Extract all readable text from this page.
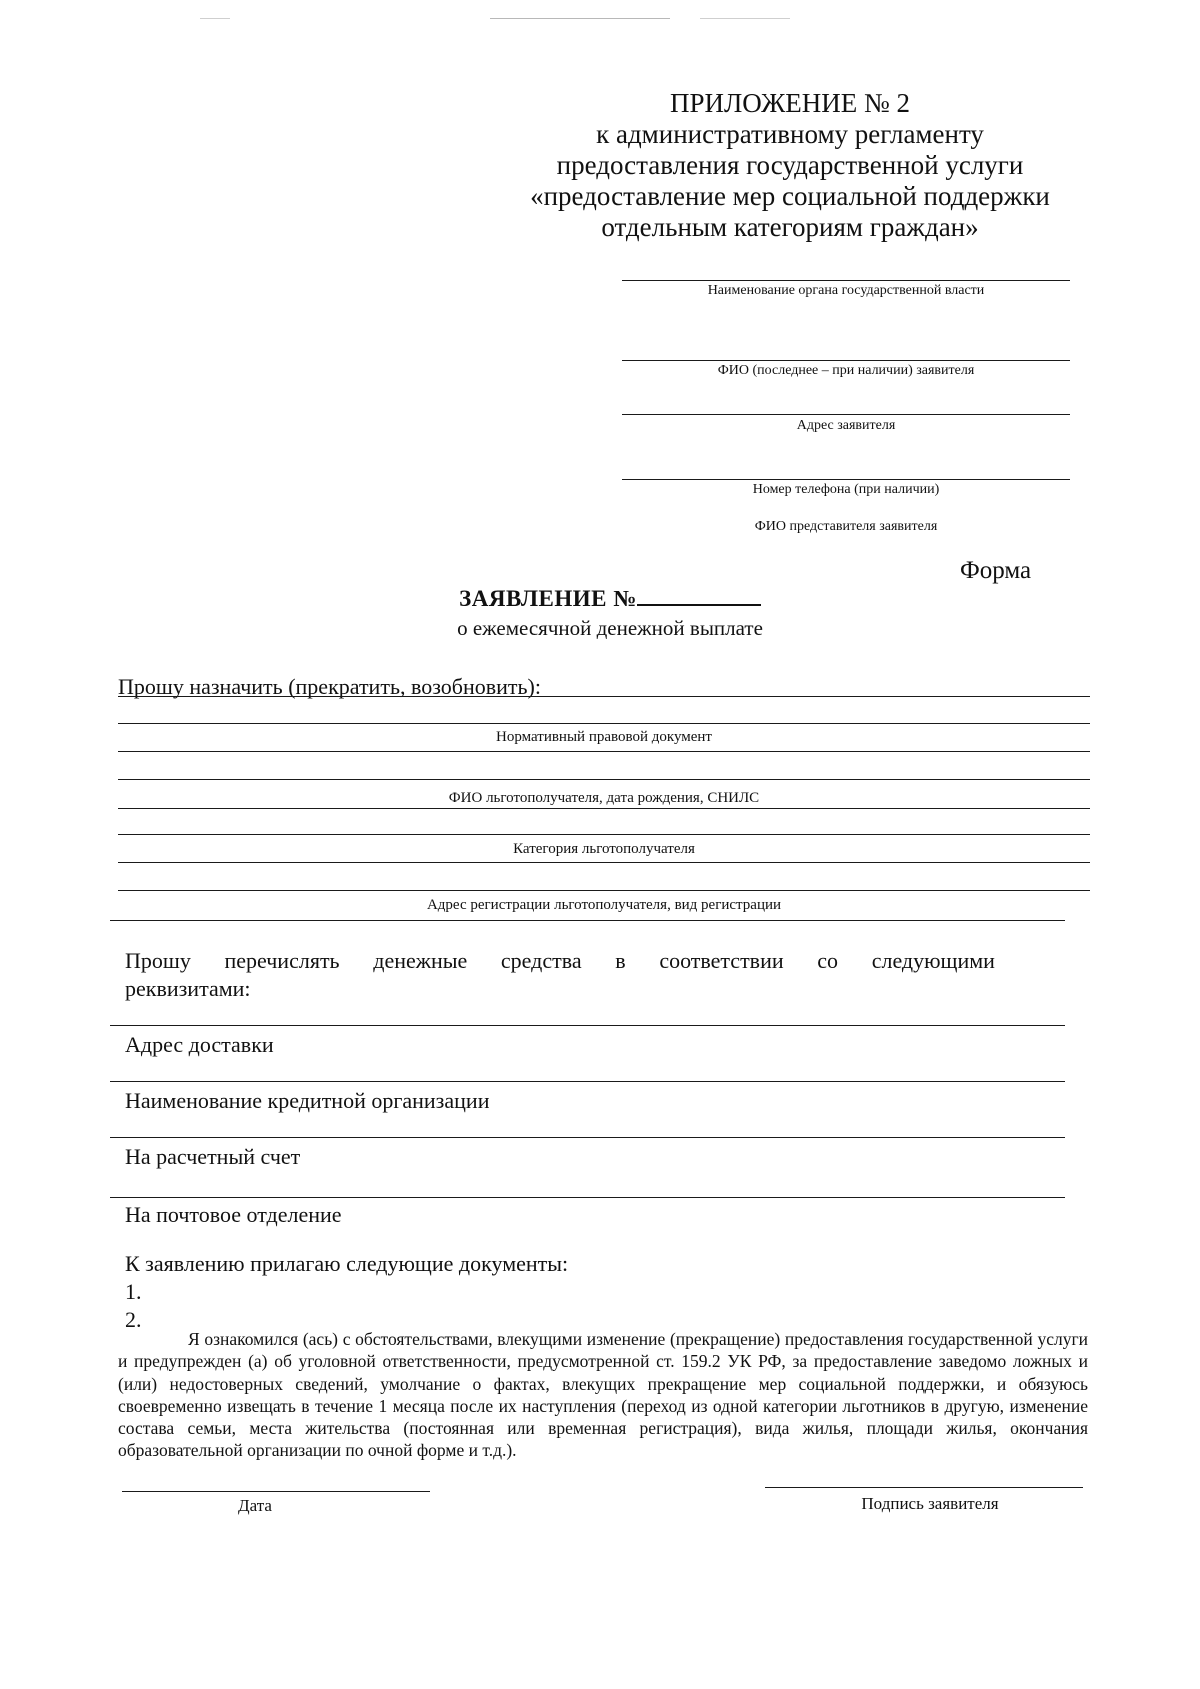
ПРИЛОЖЕНИЕ № 2
к административному регламенту
предоставления государственной услуги
«предоставление мер социальной поддержки
отдельным категориям граждан»
Наименование органа государственной власти
ФИО (последнее – при наличии) заявителя
Адрес заявителя
Номер телефона (при наличии)
ФИО представителя заявителя
Форма
ЗАЯВЛЕНИЕ №
о ежемесячной денежной выплате
Прошу назначить (прекратить, возобновить):
Нормативный правовой документ
ФИО льготополучателя, дата рождения, СНИЛС
Категория льготополучателя
Адрес регистрации льготополучателя, вид регистрации
Прошу перечислять денежные средства в соответствии со следующими
реквизитами:
Адрес доставки
Наименование кредитной организации
На расчетный счет
На почтовое отделение
К заявлению прилагаю следующие документы:
1.
2.
Я ознакомился (ась) с обстоятельствами, влекущими изменение (прекращение) предоставления государственной услуги и предупрежден (а) об уголовной ответственности, предусмотренной ст. 159.2 УК РФ, за предоставление заведомо ложных и (или) недостоверных сведений, умолчание о фактах, влекущих прекращение мер социальной поддержки, и обязуюсь своевременно извещать в течение 1 месяца после их наступления (переход из одной категории льготников в другую, изменение состава семьи, места жительства (постоянная или временная регистрация), вида жилья, площади жилья, окончания образовательной организации по очной форме и т.д.).
Дата	Подпись заявителя
